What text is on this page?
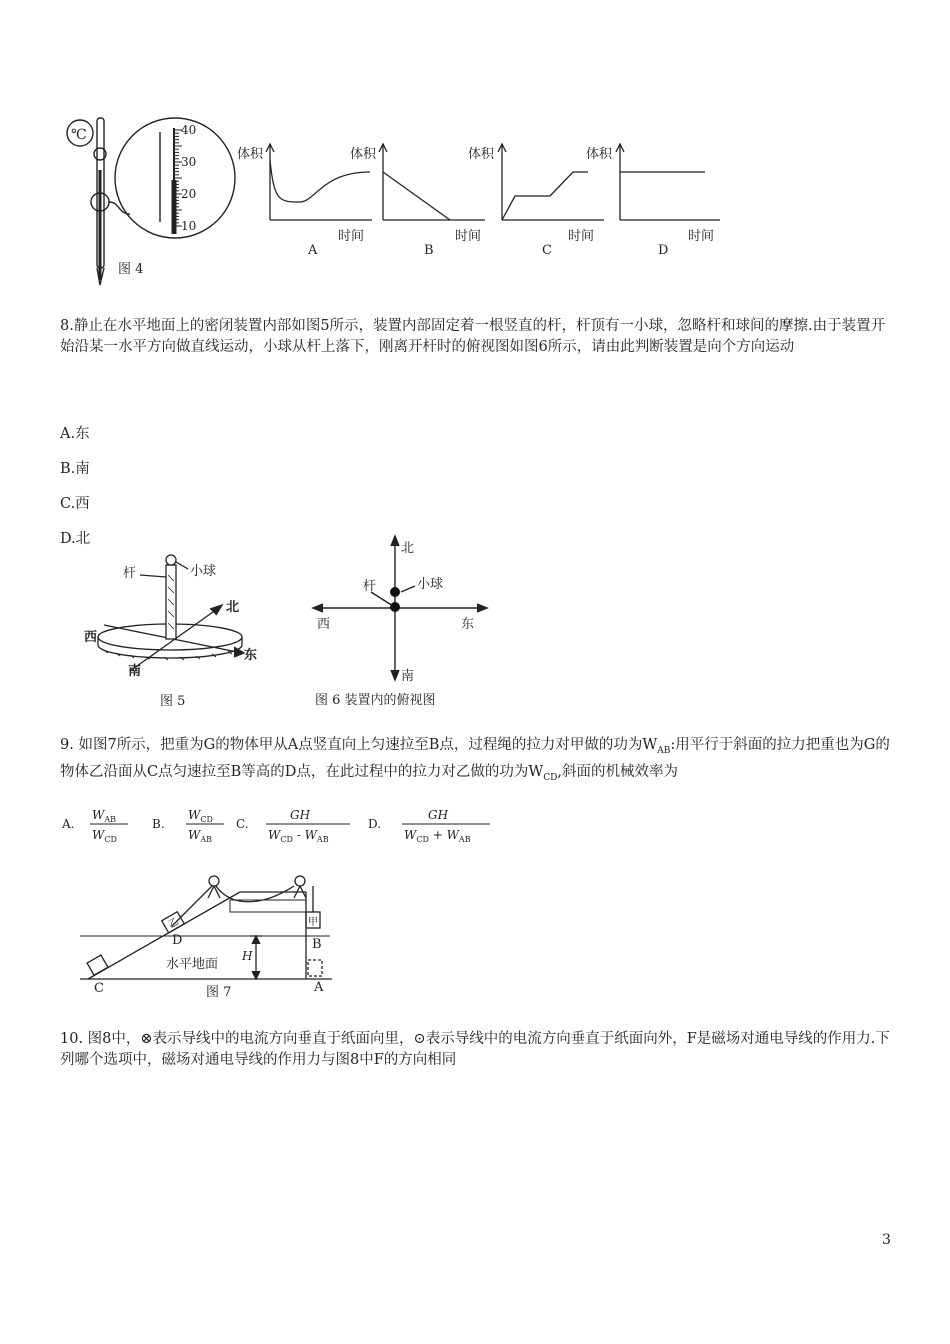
℃	40
30
20
10
图 4
体积
时间
A
体积
时间
B
体积
时间
C
体积
时间
D
8.静止在水平地面上的密闭装置内部如图5所示，装置内部固定着一根竖直的杆，杆顶有一小球，忽略杆和球间的摩擦.由于装置开始沿某一水平方向做直线运动，小球从杆上落下，刚离开杆时的俯视图如图6所示，请由此判断装置是向个方向运动
A.东
B.南
C.西
D.北
杆	小球
北
西
东
南
图 5
北
杆	小球
西	东
南
图 6 装置内的俯视图
9. 如图7所示，把重为G的物体甲从A点竖直向上匀速拉至B点，过程绳的拉力对甲做的功为$W_{AB}$:用平行于斜面的拉力把重也为G的物体乙沿面从C点匀速拉至B等高的D点，在此过程中的拉力对乙做的功为$W_{CD}$,斜面的机械效率为
A.
$W_{AB}$
$W_{CD}$
B.
$W_{CD}$
$W_{AB}$
C.
GH
$W_{CD} - W_{AB}$
D.
GH
$W_{CD} + W_{AB}$
乙	甲
水平地面
H
A
B
C
D
图 7
10. 图8中，⊗表示导线中的电流方向垂直于纸面向里，⊙表示导线中的电流方向垂直于纸面向外，F是磁场对通电导线的作用力.下列哪个选项中，磁场对通电导线的作用力与图8中F的方向相同
3
